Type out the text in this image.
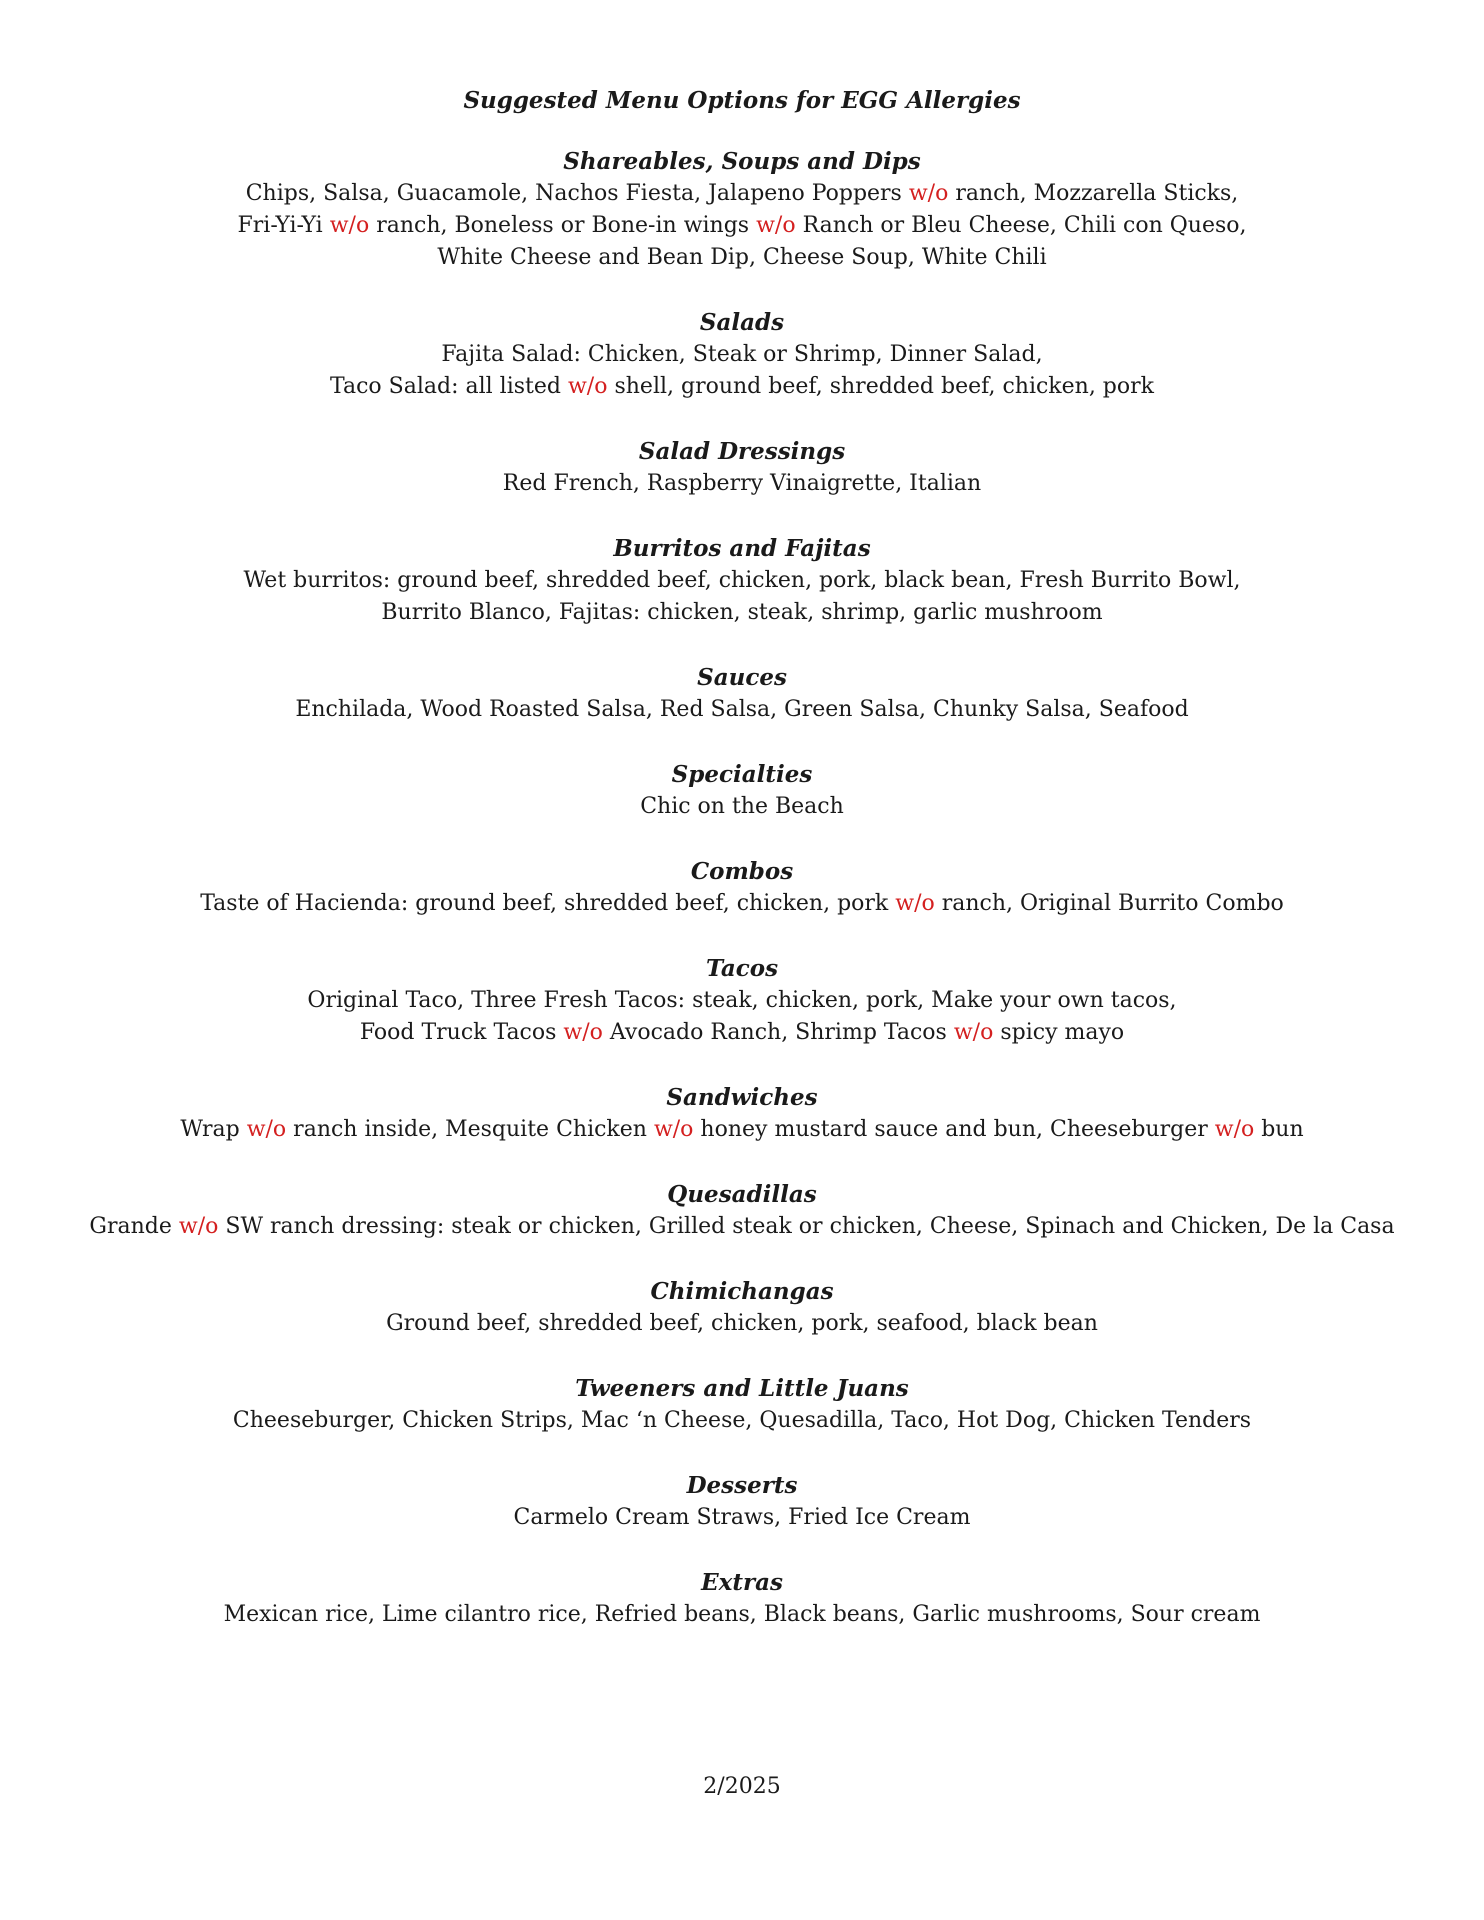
Suggested Menu Options for EGG Allergies
Shareables, Soups and Dips
Chips, Salsa, Guacamole, Nachos Fiesta, Jalapeno Poppers w/o ranch, Mozzarella Sticks,
Fri-Yi-Yi w/o ranch, Boneless or Bone-in wings w/o Ranch or Bleu Cheese, Chili con Queso,
White Cheese and Bean Dip, Cheese Soup, White Chili
Salads
Fajita Salad: Chicken, Steak or Shrimp, Dinner Salad,
Taco Salad: all listed w/o shell, ground beef, shredded beef, chicken, pork
Salad Dressings
Red French, Raspberry Vinaigrette, Italian
Burritos and Fajitas
Wet burritos: ground beef, shredded beef, chicken, pork, black bean, Fresh Burrito Bowl,
Burrito Blanco, Fajitas: chicken, steak, shrimp, garlic mushroom
Sauces
Enchilada, Wood Roasted Salsa, Red Salsa, Green Salsa, Chunky Salsa, Seafood
Specialties
Chic on the Beach
Combos
Taste of Hacienda: ground beef, shredded beef, chicken, pork w/o ranch, Original Burrito Combo
Tacos
Original Taco, Three Fresh Tacos: steak, chicken, pork, Make your own tacos,
Food Truck Tacos w/o Avocado Ranch, Shrimp Tacos w/o spicy mayo
Sandwiches
Wrap w/o ranch inside, Mesquite Chicken w/o honey mustard sauce and bun, Cheeseburger w/o bun
Quesadillas
Grande w/o SW ranch dressing: steak or chicken, Grilled steak or chicken, Cheese, Spinach and Chicken, De la Casa
Chimichangas
Ground beef, shredded beef, chicken, pork, seafood, black bean
Tweeners and Little Juans
Cheeseburger, Chicken Strips, Mac ‘n Cheese, Quesadilla, Taco, Hot Dog, Chicken Tenders
Desserts
Carmelo Cream Straws, Fried Ice Cream
Extras
Mexican rice, Lime cilantro rice, Refried beans, Black beans, Garlic mushrooms, Sour cream
2/2025
